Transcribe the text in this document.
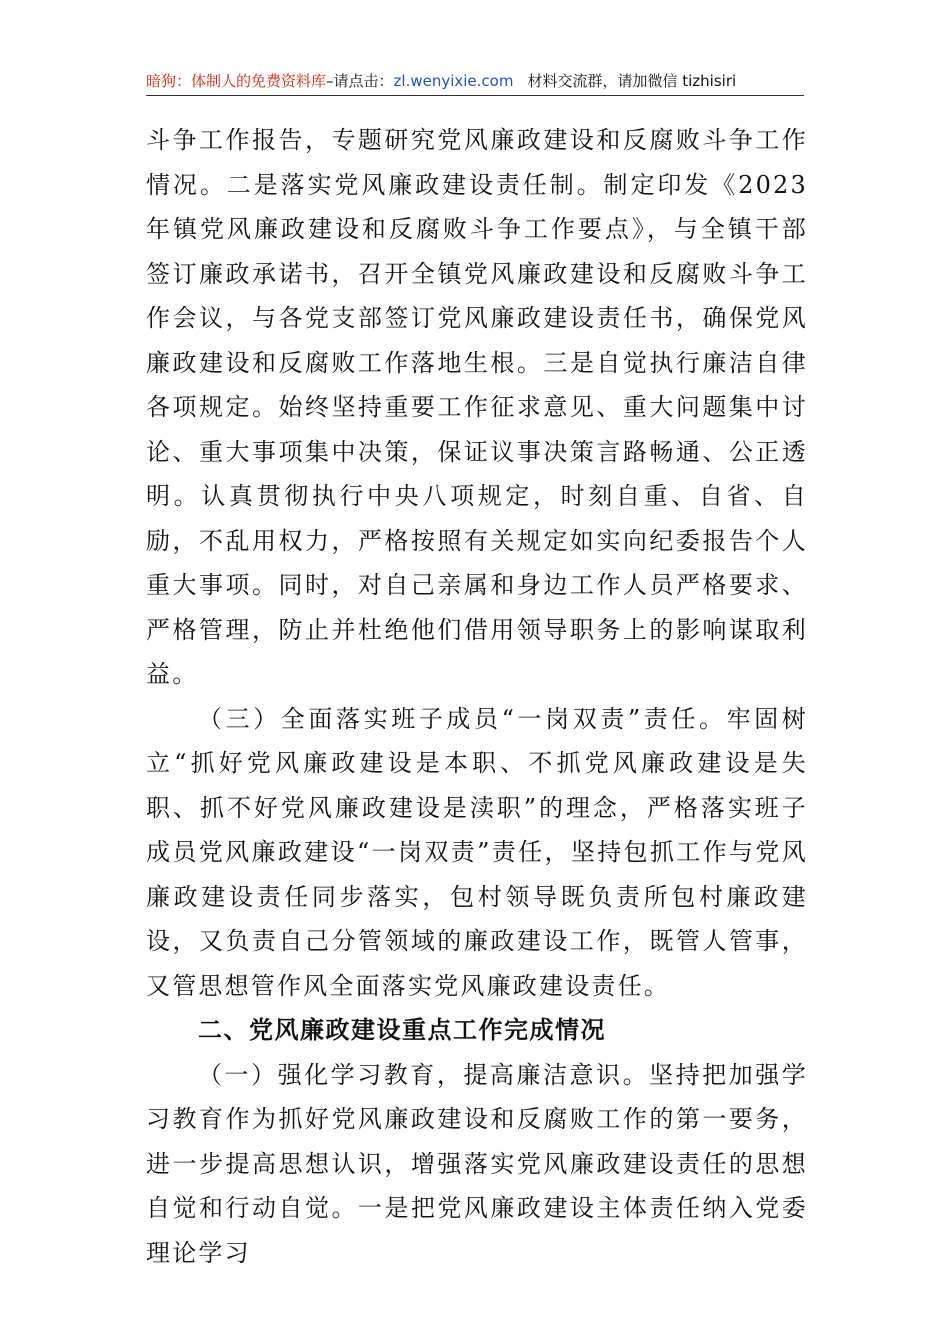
暗狗：体制人的免费资料库–请点击：zl.wenyixie.com 材料交流群，请加微信 tizhisiri

斗争工作报告，专题研究党风廉政建设和反腐败斗争工作情况。二是落实党风廉政建设责任制。制定印发《2023年镇党风廉政建设和反腐败斗争工作要点》，与全镇干部签订廉政承诺书，召开全镇党风廉政建设和反腐败斗争工作会议，与各党支部签订党风廉政建设责任书，确保党风廉政建设和反腐败工作落地生根。三是自觉执行廉洁自律各项规定。始终坚持重要工作征求意见、重大问题集中讨论、重大事项集中决策，保证议事决策言路畅通、公正透明。认真贯彻执行中央八项规定，时刻自重、自省、自励，不乱用权力，严格按照有关规定如实向纪委报告个人重大事项。同时，对自己亲属和身边工作人员严格要求、严格管理，防止并杜绝他们借用领导职务上的影响谋取利益。

（三）全面落实班子成员“一岗双责”责任。牢固树立“抓好党风廉政建设是本职、不抓党风廉政建设是失职、抓不好党风廉政建设是渎职”的理念，严格落实班子成员党风廉政建设“一岗双责”责任，坚持包抓工作与党风廉政建设责任同步落实，包村领导既负责所包村廉政建设，又负责自己分管领域的廉政建设工作，既管人管事，又管思想管作风全面落实党风廉政建设责任。

二、党风廉政建设重点工作完成情况

（一）强化学习教育，提高廉洁意识。坚持把加强学习教育作为抓好党风廉政建设和反腐败工作的第一要务，进一步提高思想认识，增强落实党风廉政建设责任的思想自觉和行动自觉。一是把党风廉政建设主体责任纳入党委理论学习
